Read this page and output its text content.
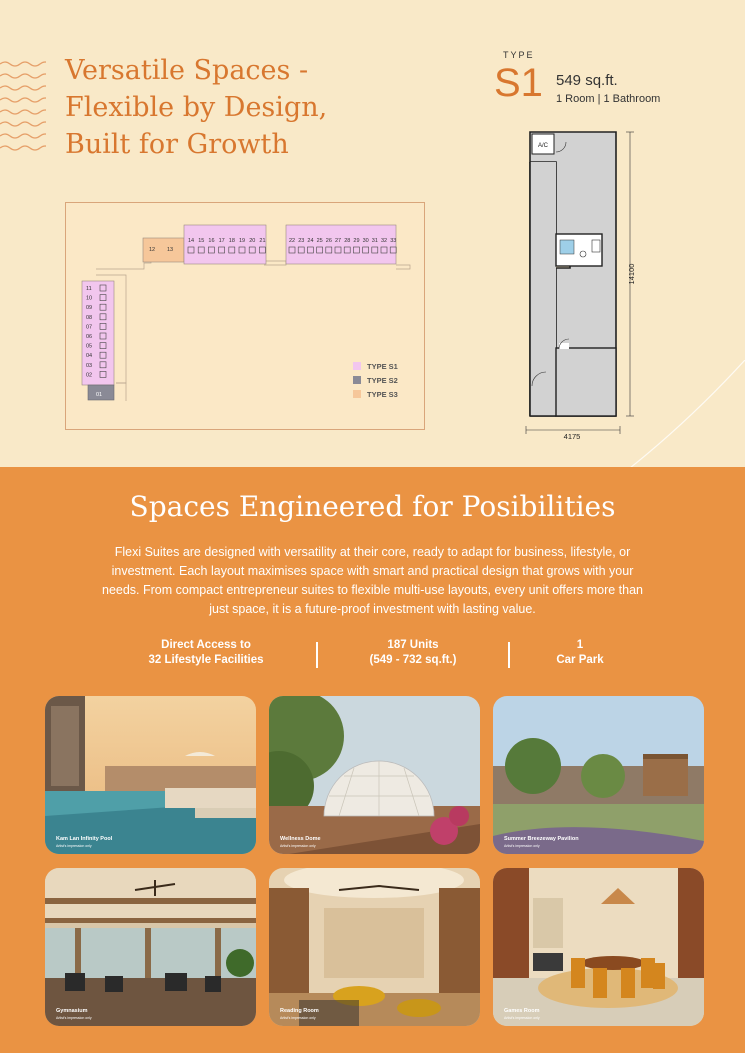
Versatile Spaces -
Flexible by Design,
Built for Growth
TYPE
S1 549 sq.ft.
1 Room | 1 Bathroom
12 13
14 15 16 17 18 19 20 21	22 23 24 25 26 27 28 29 30 31 32 33
11
10
09
08
07
06
05
04
03
02
01
TYPE S1
TYPE S2
TYPE S3
A/C
14100
4175
Spaces Engineered for Posibilities

Flexi Suites are designed with versatility at their core, ready to adapt for business, lifestyle, or
investment. Each layout maximises space with smart and practical design that grows with your
needs. From compact entrepreneur suites to flexible multi-use layouts, every unit offers more than
just space, it is a future-proof investment with lasting value.

Direct Access to
32 Lifestyle Facilities
187 Units
(549 - 732 sq.ft.)
1
Car Park
Kam Lan Infinity Pool
Artist's impression only
Wellness Dome
Artist's impression only
Summer Breezeway Pavilion
Artist's impression only
Gymnasium
Artist's impression only
Reading Room
Artist's impression only
Games Room
Artist's impression only
